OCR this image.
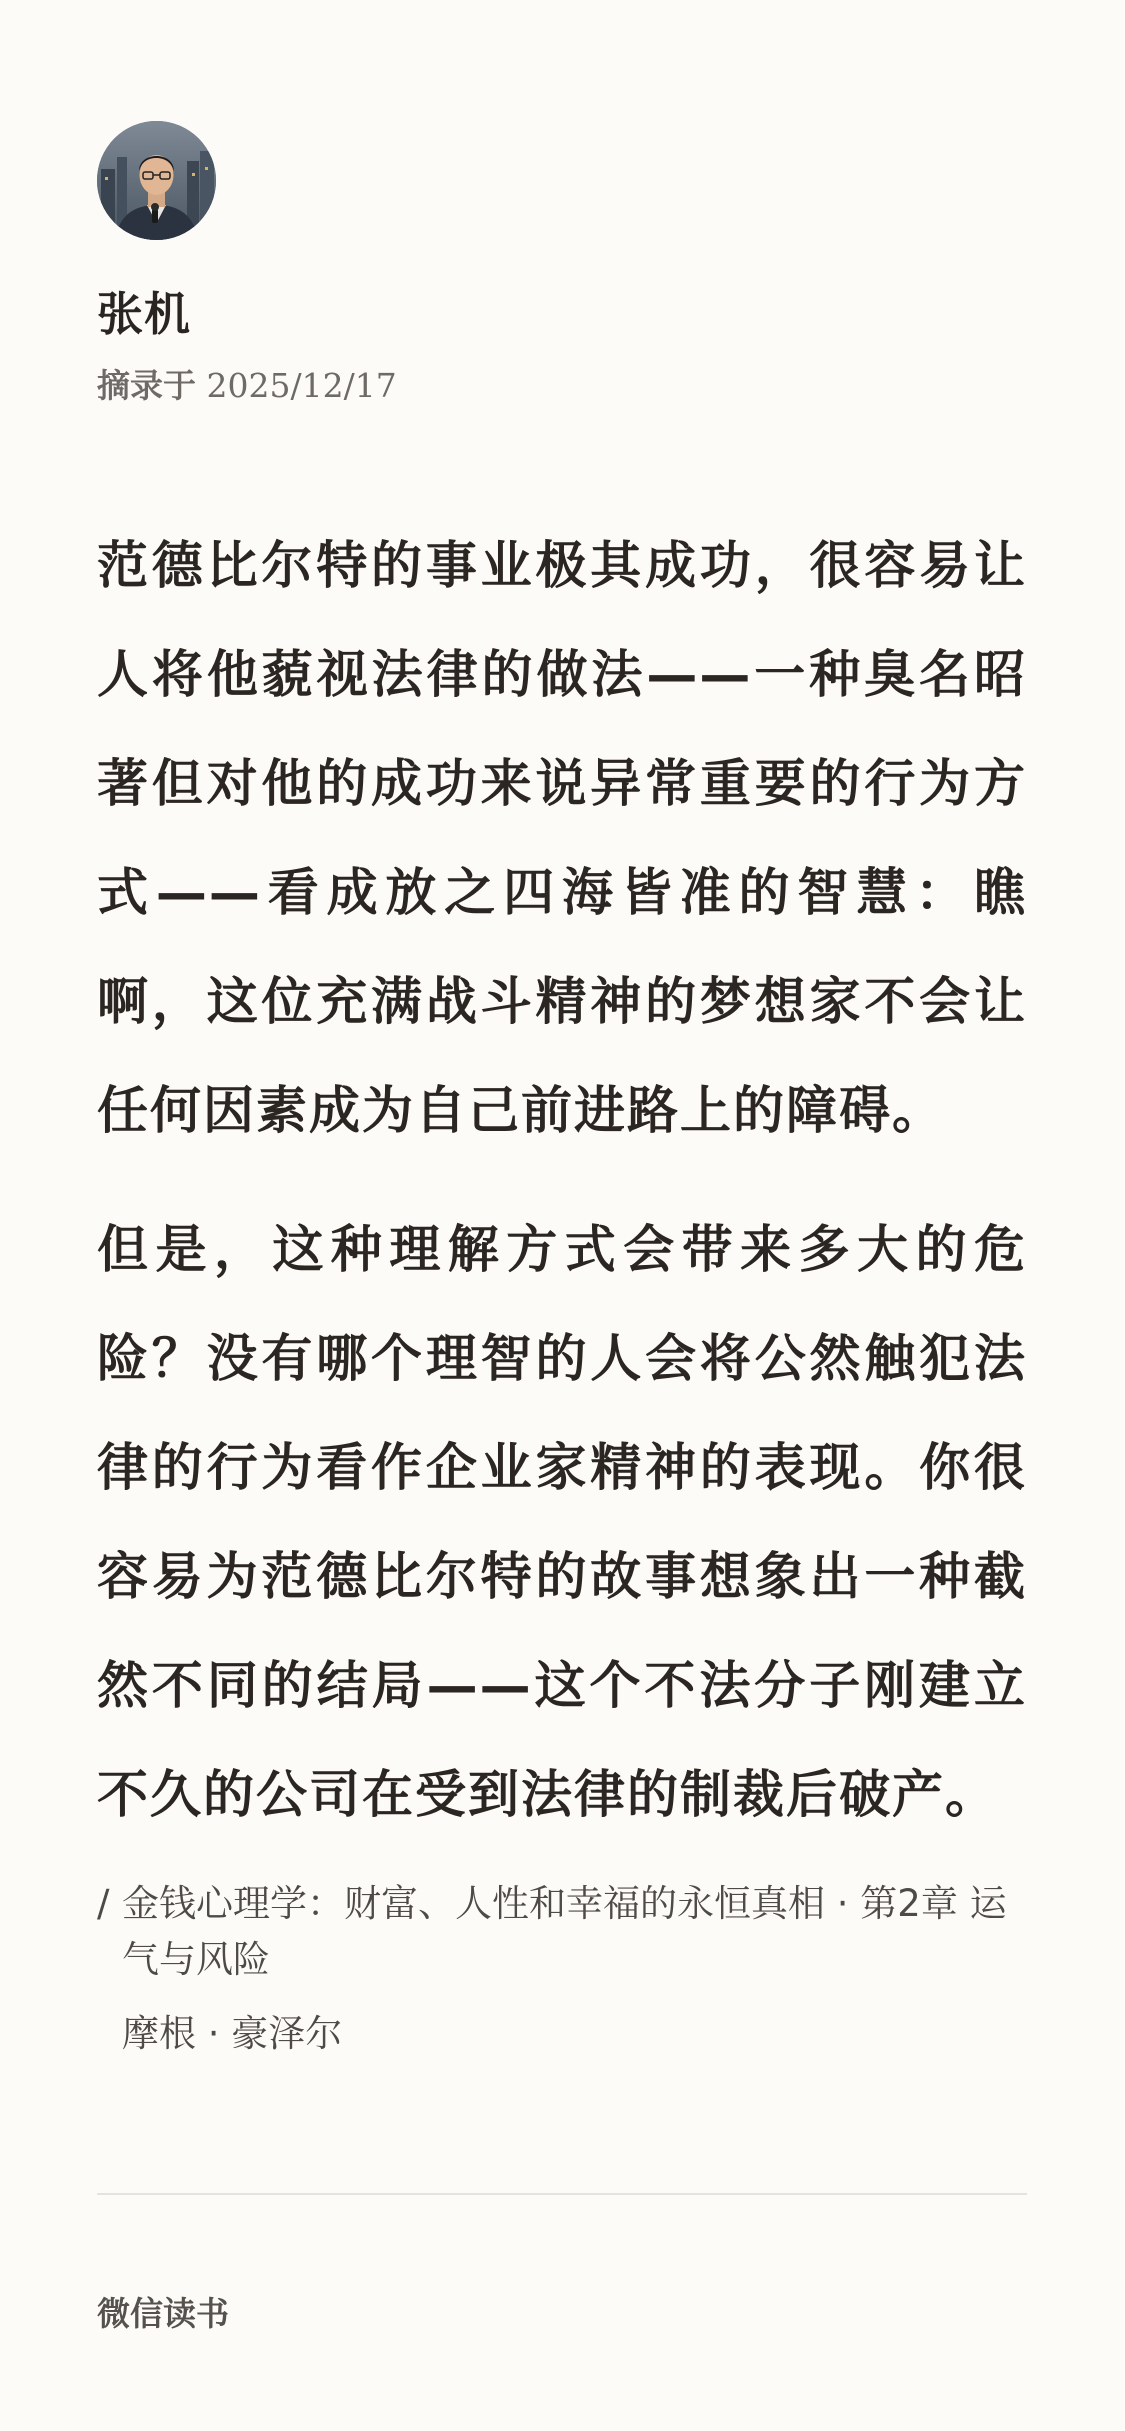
张机
摘录于 2025/12/17

范德比尔特的事业极其成功，很容易让人将他藐视法律的做法——一种臭名昭著但对他的成功来说异常重要的行为方式——看成放之四海皆准的智慧：瞧啊，这位充满战斗精神的梦想家不会让任何因素成为自己前进路上的障碍。

但是，这种理解方式会带来多大的危险？没有哪个理智的人会将公然触犯法律的行为看作企业家精神的表现。你很容易为范德比尔特的故事想象出一种截然不同的结局——这个不法分子刚建立不久的公司在受到法律的制裁后破产。

/ 金钱心理学：财富、人性和幸福的永恒真相 · 第2章 运气与风险
摩根 · 豪泽尔
微信读书
